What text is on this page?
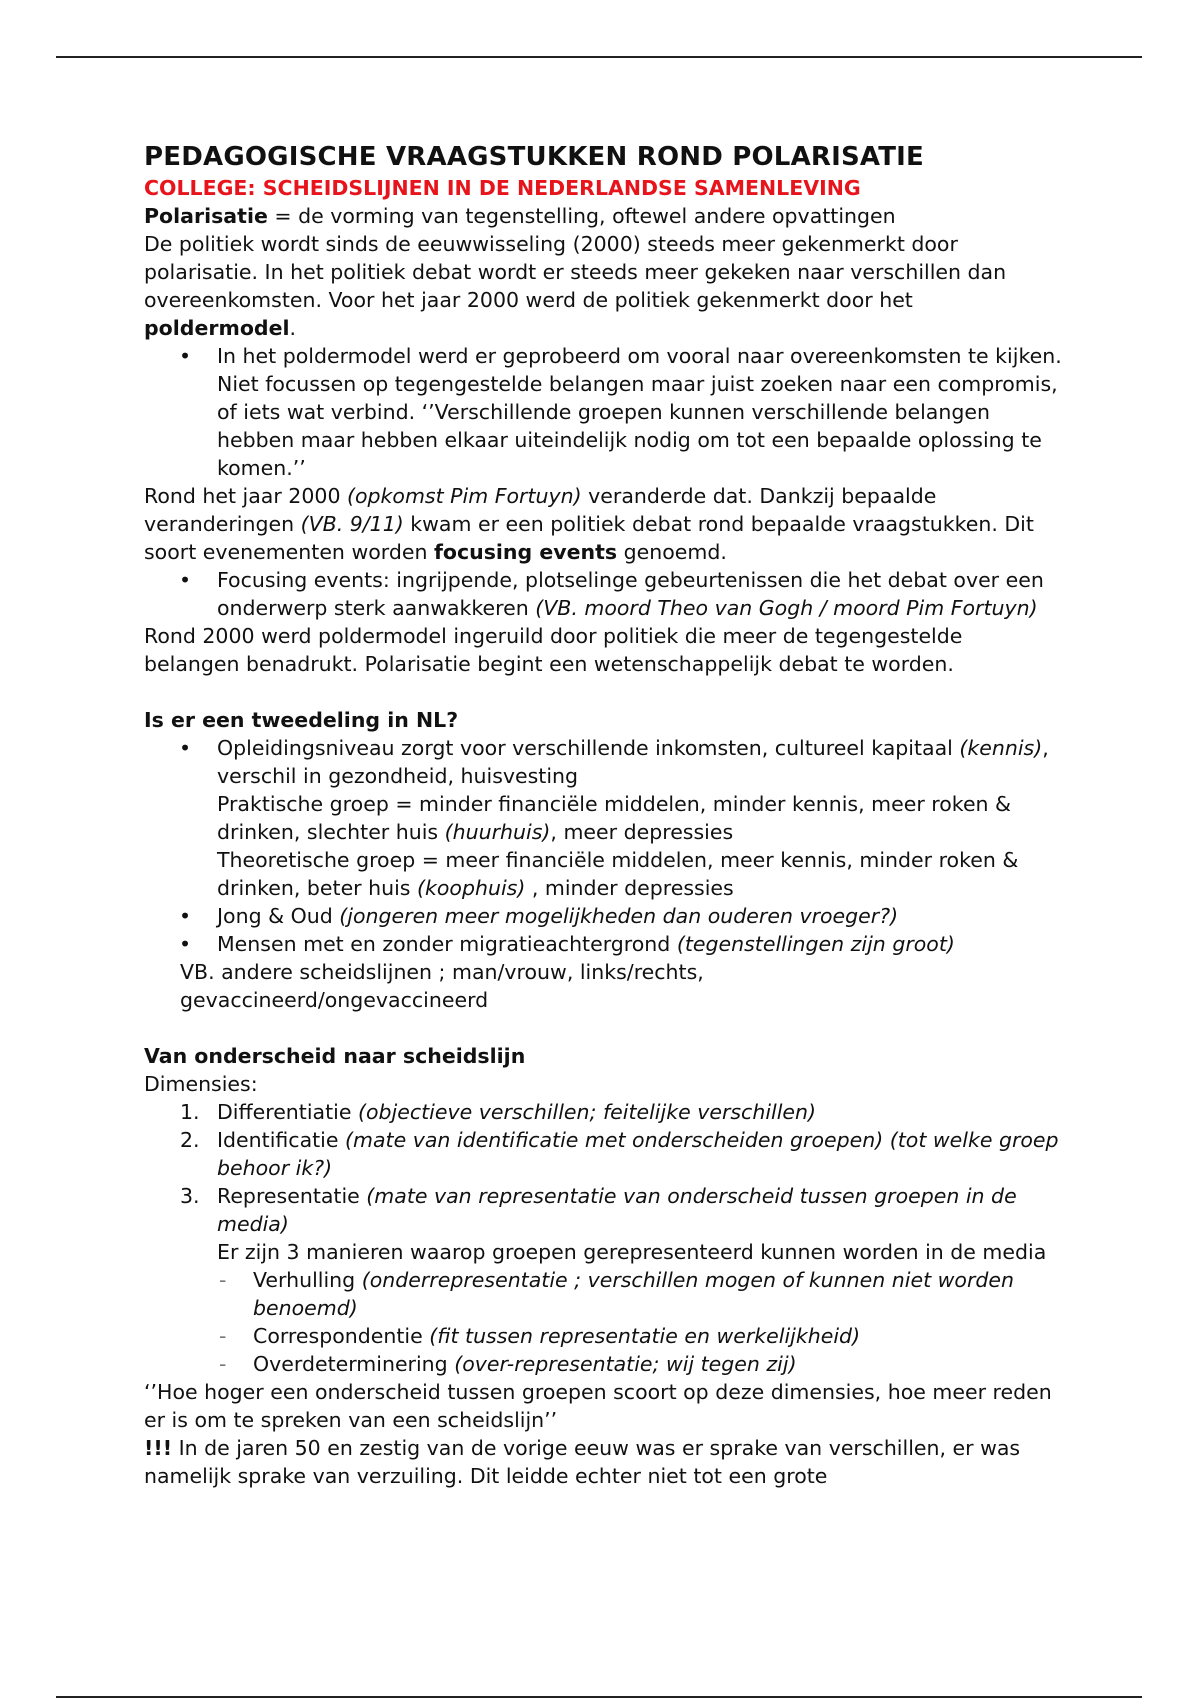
PEDAGOGISCHE VRAAGSTUKKEN ROND POLARISATIE

COLLEGE: SCHEIDSLIJNEN IN DE NEDERLANDSE SAMENLEVING

Polarisatie = de vorming van tegenstelling, oftewel andere opvattingen

De politiek wordt sinds de eeuwwisseling (2000) steeds meer gekenmerkt door polarisatie. In het politiek debat wordt er steeds meer gekeken naar verschillen dan overeenkomsten. Voor het jaar 2000 werd de politiek gekenmerkt door het poldermodel.

• In het poldermodel werd er geprobeerd om vooral naar overeenkomsten te kijken. Niet focussen op tegengestelde belangen maar juist zoeken naar een compromis, of iets wat verbind. ‘’Verschillende groepen kunnen verschillende belangen hebben maar hebben elkaar uiteindelijk nodig om tot een bepaalde oplossing te komen.’’

Rond het jaar 2000 (opkomst Pim Fortuyn) veranderde dat. Dankzij bepaalde veranderingen (VB. 9/11) kwam er een politiek debat rond bepaalde vraagstukken. Dit soort evenementen worden focusing events genoemd.

• Focusing events: ingrijpende, plotselinge gebeurtenissen die het debat over een onderwerp sterk aanwakkeren (VB. moord Theo van Gogh / moord Pim Fortuyn)

Rond 2000 werd poldermodel ingeruild door politiek die meer de tegengestelde belangen benadrukt. Polarisatie begint een wetenschappelijk debat te worden.

Is er een tweedeling in NL?

• Opleidingsniveau zorgt voor verschillende inkomsten, cultureel kapitaal (kennis), verschil in gezondheid, huisvesting
Praktische groep = minder financiële middelen, minder kennis, meer roken & drinken, slechter huis (huurhuis), meer depressies
Theoretische groep = meer financiële middelen, meer kennis, minder roken & drinken, beter huis (koophuis) , minder depressies
• Jong & Oud (jongeren meer mogelijkheden dan ouderen vroeger?)
• Mensen met en zonder migratieachtergrond (tegenstellingen zijn groot)

VB. andere scheidslijnen ; man/vrouw, links/rechts, gevaccineerd/ongevaccineerd

Van onderscheid naar scheidslijn

Dimensies:

1. Differentiatie (objectieve verschillen; feitelijke verschillen)
2. Identificatie (mate van identificatie met onderscheiden groepen) (tot welke groep behoor ik?)
3. Representatie (mate van representatie van onderscheid tussen groepen in de media)
Er zijn 3 manieren waarop groepen gerepresenteerd kunnen worden in de media
- Verhulling (onderrepresentatie ; verschillen mogen of kunnen niet worden benoemd)
- Correspondentie (fit tussen representatie en werkelijkheid)
- Overdeterminering (over-representatie; wij tegen zij)

‘’Hoe hoger een onderscheid tussen groepen scoort op deze dimensies, hoe meer reden er is om te spreken van een scheidslijn’’

!!! In de jaren 50 en zestig van de vorige eeuw was er sprake van verschillen, er was namelijk sprake van verzuiling. Dit leidde echter niet tot een grote
